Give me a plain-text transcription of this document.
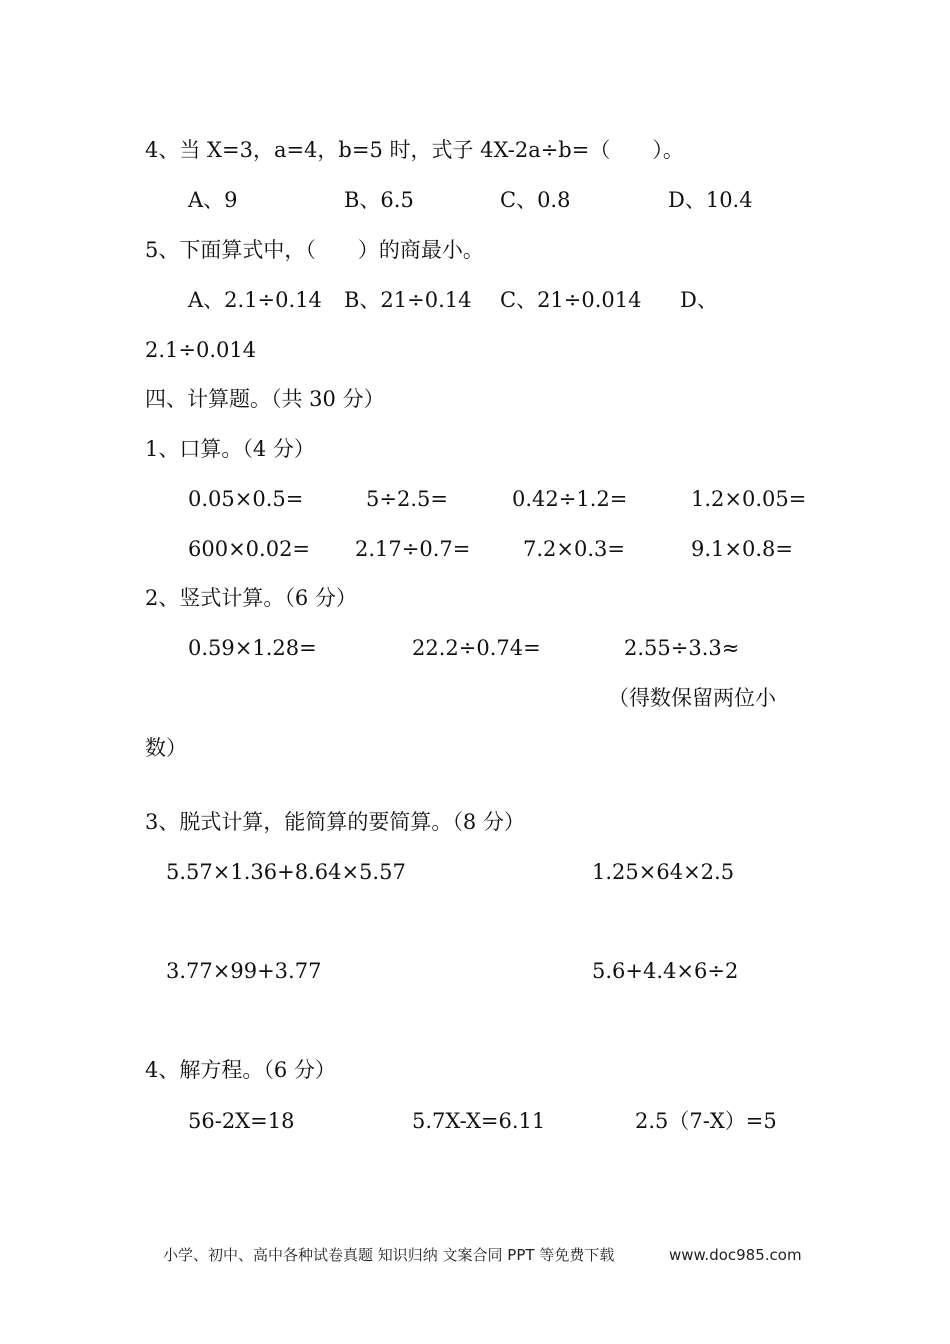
4、当 X=3，a=4，b=5 时，式子 4X-2a÷b=（　　）。
A、9	B、6.5	C、0.8	D、10.4
5、下面算式中，（　　）的商最小。
A、2.1÷0.14 B、21÷0.14 C、21÷0.014 D、
2.1÷0.014
四、计算题。（共 30 分）
1、口算。（4 分）
0.05×0.5=	5÷2.5=	0.42÷1.2=	1.2×0.05=
600×0.02= 2.17÷0.7=	7.2×0.3=	9.1×0.8=
2、竖式计算。（6 分）
0.59×1.28=	22.2÷0.74=	2.55÷3.3≈
（得数保留两位小
数）
3、脱式计算，能简算的要简算。（8 分）
5.57×1.36+8.64×5.57	1.25×64×2.5
3.77×99+3.77	5.6+4.4×6÷2
4、解方程。（6 分）
56-2X=18	5.7X-X=6.11	2.5（7-X）=5
小学、初中、高中各种试卷真题 知识归纳 文案合同 PPT 等免费下载	www.doc985.com
